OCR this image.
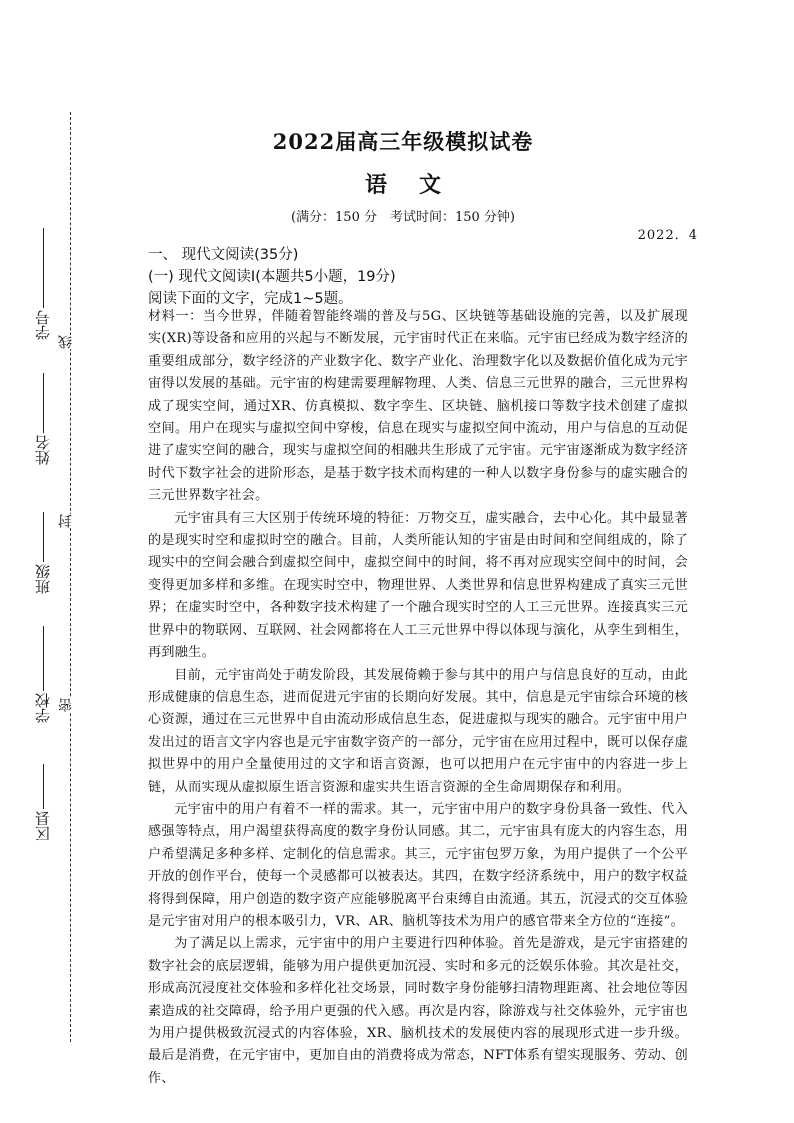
线
封
密
学号
姓名
班级
学校
区县
2022届高三年级模拟试卷
语文
(满分：150 分　考试时间：150 分钟)
2022．4
一、 现代文阅读(35分)
(一) 现代文阅读Ⅰ(本题共5小题，19分)
阅读下面的文字，完成1~5题。

材料一：当今世界，伴随着智能终端的普及与5G、区块链等基础设施的完善，以及扩展现实(XR)等设备和应用的兴起与不断发展，元宇宙时代正在来临。元宇宙已经成为数字经济的重要组成部分，数字经济的产业数字化、数字产业化、治理数字化以及数据价值化成为元宇宙得以发展的基础。元宇宙的构建需要理解物理、人类、信息三元世界的融合，三元世界构成了现实空间，通过XR、仿真模拟、数字孪生、区块链、脑机接口等数字技术创建了虚拟空间。用户在现实与虚拟空间中穿梭，信息在现实与虚拟空间中流动，用户与信息的互动促进了虚实空间的融合，现实与虚拟空间的相融共生形成了元宇宙。元宇宙逐渐成为数字经济时代下数字社会的进阶形态，是基于数字技术而构建的一种人以数字身份参与的虚实融合的三元世界数字社会。

元宇宙具有三大区别于传统环境的特征：万物交互，虚实融合，去中心化。其中最显著的是现实时空和虚拟时空的融合。目前，人类所能认知的宇宙是由时间和空间组成的，除了现实中的空间会融合到虚拟空间中，虚拟空间中的时间，将不再对应现实空间中的时间，会变得更加多样和多维。在现实时空中，物理世界、人类世界和信息世界构建成了真实三元世界；在虚实时空中，各种数字技术构建了一个融合现实时空的人工三元世界。连接真实三元世界中的物联网、互联网、社会网都将在人工三元世界中得以体现与演化，从孪生到相生，再到融生。

目前，元宇宙尚处于萌发阶段，其发展倚赖于参与其中的用户与信息良好的互动，由此形成健康的信息生态，进而促进元宇宙的长期向好发展。其中，信息是元宇宙综合环境的核心资源，通过在三元世界中自由流动形成信息生态，促进虚拟与现实的融合。元宇宙中用户发出过的语言文字内容也是元宇宙数字资产的一部分，元宇宙在应用过程中，既可以保存虚拟世界中的用户全量使用过的文字和语言资源，也可以把用户在元宇宙中的内容进一步上链，从而实现从虚拟原生语言资源和虚实共生语言资源的全生命周期保存和利用。

元宇宙中的用户有着不一样的需求。其一，元宇宙中用户的数字身份具备一致性、代入感强等特点，用户渴望获得高度的数字身份认同感。其二，元宇宙具有庞大的内容生态，用户希望满足多种多样、定制化的信息需求。其三，元宇宙包罗万象，为用户提供了一个公平开放的创作平台，使每一个灵感都可以被表达。其四，在数字经济系统中，用户的数字权益将得到保障，用户创造的数字资产应能够脱离平台束缚自由流通。其五，沉浸式的交互体验是元宇宙对用户的根本吸引力，VR、AR、脑机等技术为用户的感官带来全方位的“连接”。

为了满足以上需求，元宇宙中的用户主要进行四种体验。首先是游戏，是元宇宙搭建的数字社会的底层逻辑，能够为用户提供更加沉浸、实时和多元的泛娱乐体验。其次是社交，形成高沉浸度社交体验和多样化社交场景，同时数字身份能够扫清物理距离、社会地位等因素造成的社交障碍，给予用户更强的代入感。再次是内容，除游戏与社交体验外，元宇宙也为用户提供极致沉浸式的内容体验，XR、脑机技术的发展使内容的展现形式进一步升级。最后是消费，在元宇宙中，更加自由的消费将成为常态，NFT体系有望实现服务、劳动、创作、
